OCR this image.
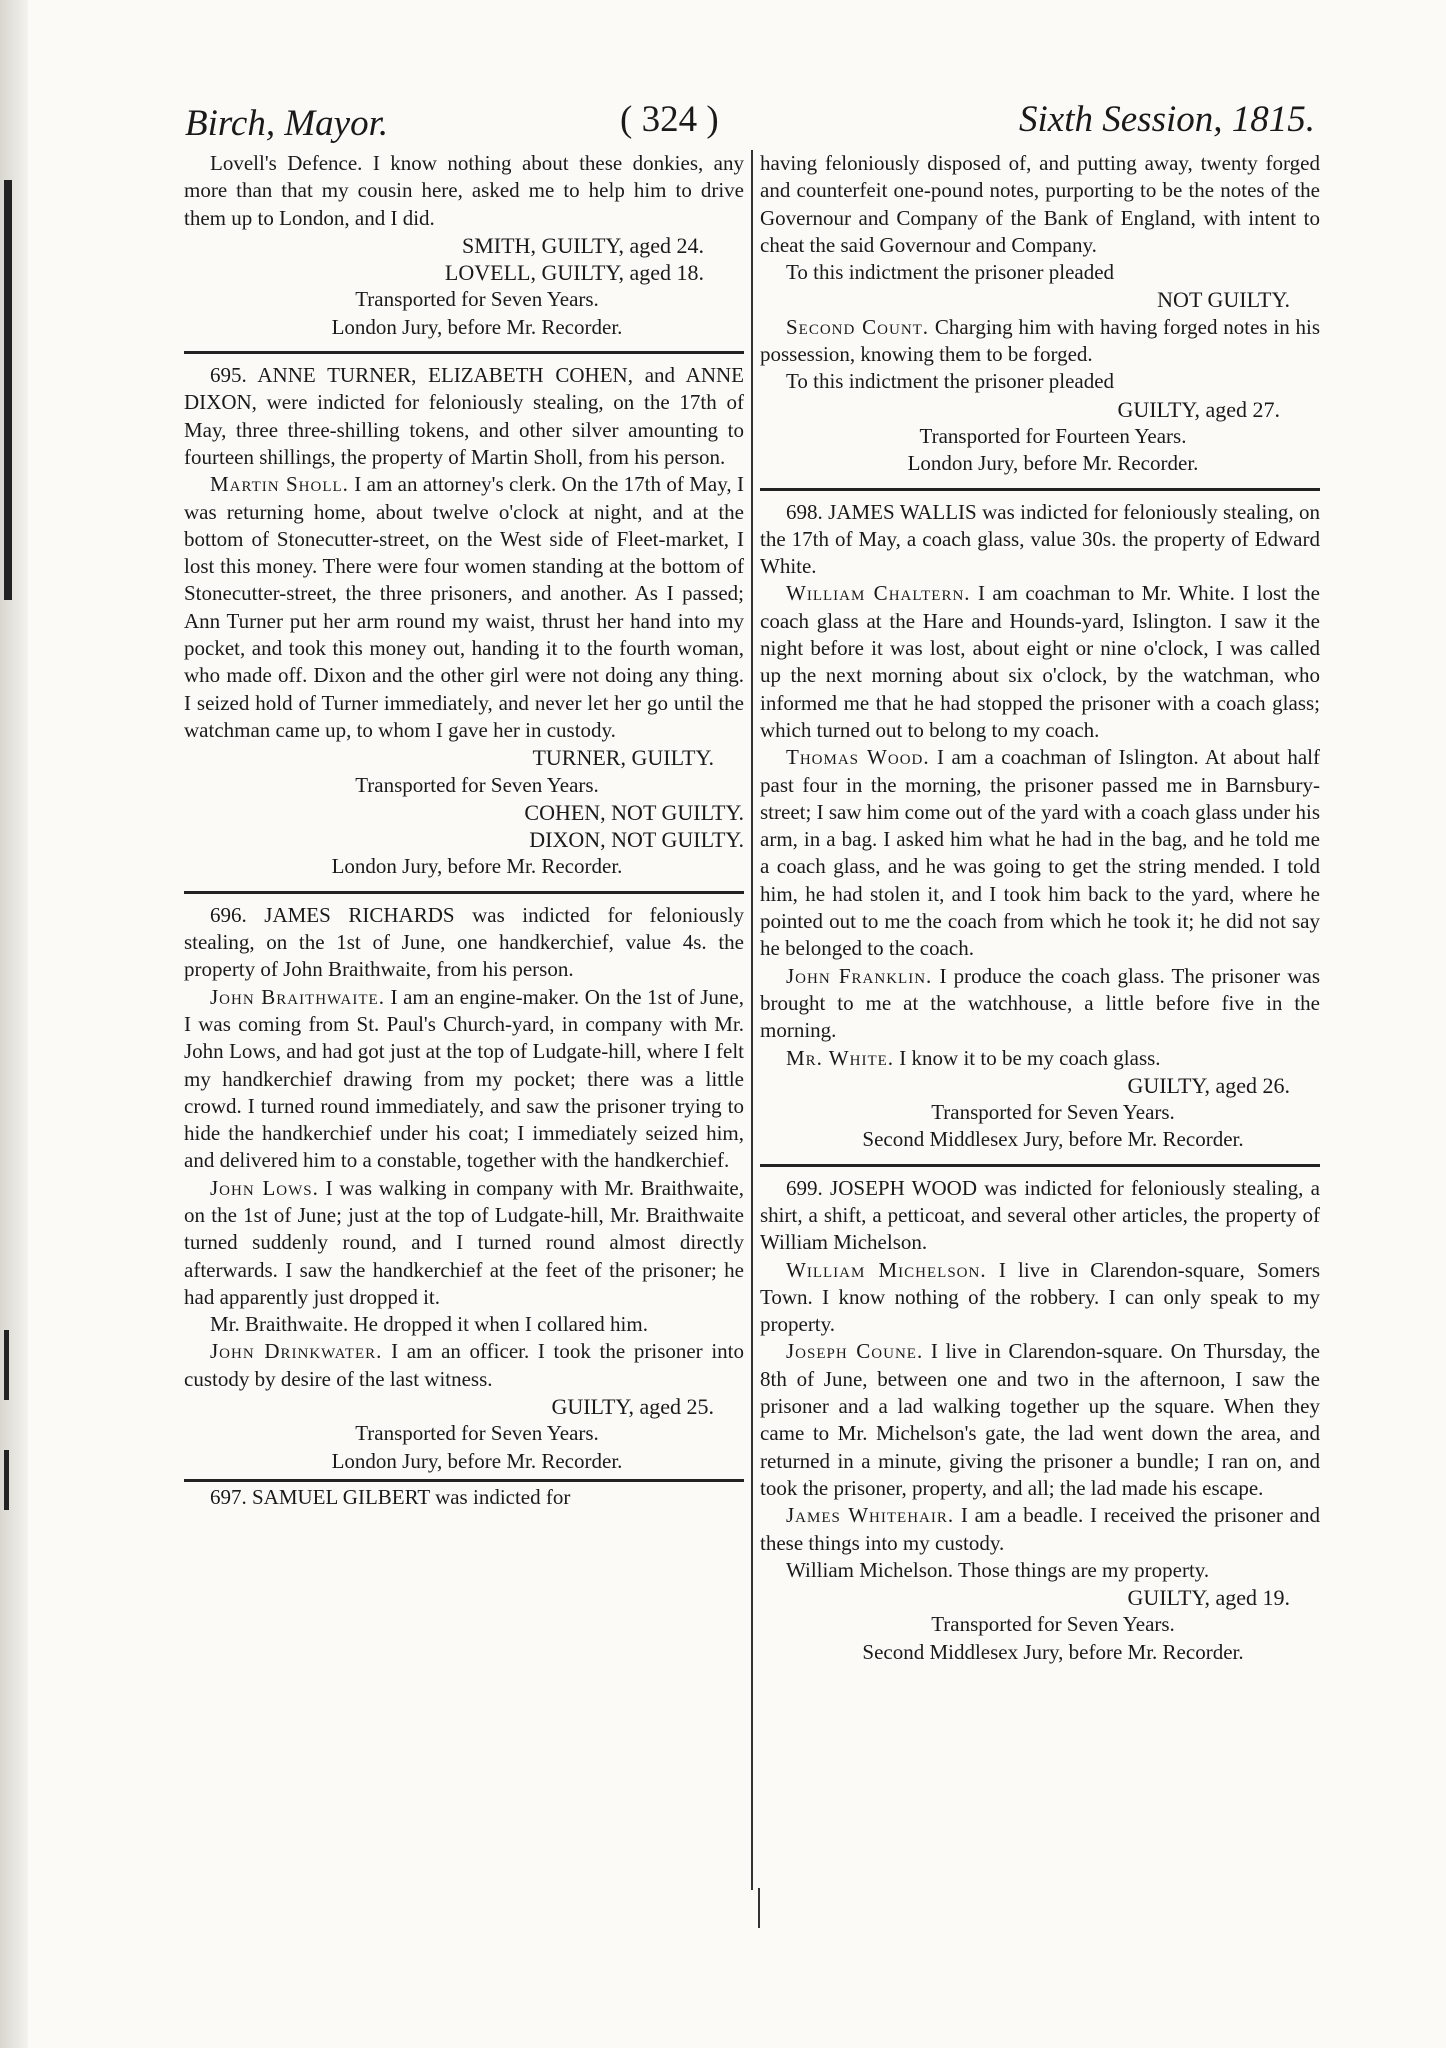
Birch, Mayor.	( 324 )	Sixth Session, 1815.

Lovell's Defence. I know nothing about these donkies, any more than that my cousin here, asked me to help him to drive them up to London, and I did.

SMITH, GUILTY, aged 24.

LOVELL, GUILTY, aged 18.

Transported for Seven Years.

London Jury, before Mr. Recorder.

695. ANNE TURNER, ELIZABETH COHEN, and ANNE DIXON, were indicted for feloniously stealing, on the 17th of May, three three-shilling tokens, and other silver amounting to fourteen shillings, the property of Martin Sholl, from his person.

Martin Sholl. I am an attorney's clerk. On the 17th of May, I was returning home, about twelve o'clock at night, and at the bottom of Stonecutter-street, on the West side of Fleet-market, I lost this money. There were four women standing at the bottom of Stonecutter-street, the three prisoners, and another. As I passed; Ann Turner put her arm round my waist, thrust her hand into my pocket, and took this money out, handing it to the fourth woman, who made off. Dixon and the other girl were not doing any thing. I seized hold of Turner immediately, and never let her go until the watchman came up, to whom I gave her in custody.

TURNER, GUILTY.

Transported for Seven Years.

COHEN, NOT GUILTY.

DIXON, NOT GUILTY.

London Jury, before Mr. Recorder.

696. JAMES RICHARDS was indicted for feloniously stealing, on the 1st of June, one handkerchief, value 4s. the property of John Braithwaite, from his person.

John Braithwaite. I am an engine-maker. On the 1st of June, I was coming from St. Paul's Church-yard, in company with Mr. John Lows, and had got just at the top of Ludgate-hill, where I felt my handkerchief drawing from my pocket; there was a little crowd. I turned round immediately, and saw the prisoner trying to hide the handkerchief under his coat; I immediately seized him, and delivered him to a constable, together with the handkerchief.

John Lows. I was walking in company with Mr. Braithwaite, on the 1st of June; just at the top of Ludgate-hill, Mr. Braithwaite turned suddenly round, and I turned round almost directly afterwards. I saw the handkerchief at the feet of the prisoner; he had apparently just dropped it.

Mr. Braithwaite. He dropped it when I collared him.

John Drinkwater. I am an officer. I took the prisoner into custody by desire of the last witness.

GUILTY, aged 25.

Transported for Seven Years.

London Jury, before Mr. Recorder.

697. SAMUEL GILBERT was indicted for

having feloniously disposed of, and putting away, twenty forged and counterfeit one-pound notes, purporting to be the notes of the Governour and Company of the Bank of England, with intent to cheat the said Governour and Company.

To this indictment the prisoner pleaded

NOT GUILTY.

Second Count. Charging him with having forged notes in his possession, knowing them to be forged.

To this indictment the prisoner pleaded

GUILTY, aged 27.

Transported for Fourteen Years.

London Jury, before Mr. Recorder.

698. JAMES WALLIS was indicted for feloniously stealing, on the 17th of May, a coach glass, value 30s. the property of Edward White.

William Chaltern. I am coachman to Mr. White. I lost the coach glass at the Hare and Hounds-yard, Islington. I saw it the night before it was lost, about eight or nine o'clock, I was called up the next morning about six o'clock, by the watchman, who informed me that he had stopped the prisoner with a coach glass; which turned out to belong to my coach.

Thomas Wood. I am a coachman of Islington. At about half past four in the morning, the prisoner passed me in Barnsbury-street; I saw him come out of the yard with a coach glass under his arm, in a bag. I asked him what he had in the bag, and he told me a coach glass, and he was going to get the string mended. I told him, he had stolen it, and I took him back to the yard, where he pointed out to me the coach from which he took it; he did not say he belonged to the coach.

John Franklin. I produce the coach glass. The prisoner was brought to me at the watchhouse, a little before five in the morning.

Mr. White. I know it to be my coach glass.

GUILTY, aged 26.

Transported for Seven Years.

Second Middlesex Jury, before Mr. Recorder.

699. JOSEPH WOOD was indicted for feloniously stealing, a shirt, a shift, a petticoat, and several other articles, the property of William Michelson.

William Michelson. I live in Clarendon-square, Somers Town. I know nothing of the robbery. I can only speak to my property.

Joseph Coune. I live in Clarendon-square. On Thursday, the 8th of June, between one and two in the afternoon, I saw the prisoner and a lad walking together up the square. When they came to Mr. Michelson's gate, the lad went down the area, and returned in a minute, giving the prisoner a bundle; I ran on, and took the prisoner, property, and all; the lad made his escape.

James Whitehair. I am a beadle. I received the prisoner and these things into my custody.

William Michelson. Those things are my property.

GUILTY, aged 19.

Transported for Seven Years.

Second Middlesex Jury, before Mr. Recorder.
